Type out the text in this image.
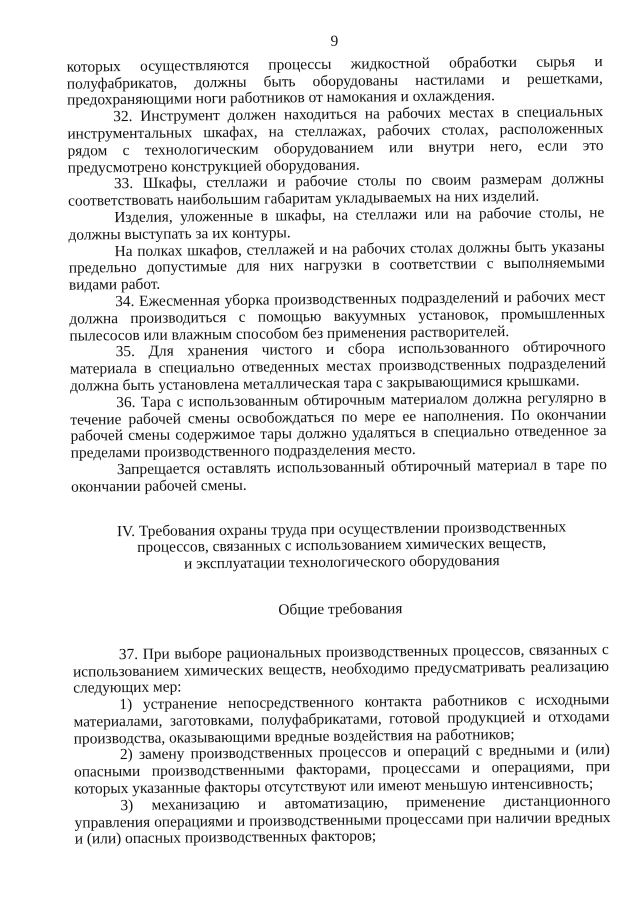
9

которых осуществляются процессы жидкостной обработки сырья и полуфабрикатов, должны быть оборудованы настилами и решетками, предохраняющими ноги работников от намокания и охлаждения.

32. Инструмент должен находиться на рабочих местах в специальных инструментальных шкафах, на стеллажах, рабочих столах, расположенных рядом с технологическим оборудованием или внутри него, если это предусмотрено конструкцией оборудования.

33. Шкафы, стеллажи и рабочие столы по своим размерам должны соответствовать наибольшим габаритам укладываемых на них изделий.

Изделия, уложенные в шкафы, на стеллажи или на рабочие столы, не должны выступать за их контуры.

На полках шкафов, стеллажей и на рабочих столах должны быть указаны предельно допустимые для них нагрузки в соответствии с выполняемыми видами работ.

34. Ежесменная уборка производственных подразделений и рабочих мест должна производиться с помощью вакуумных установок, промышленных пылесосов или влажным способом без применения растворителей.

35. Для хранения чистого и сбора использованного обтирочного материала в специально отведенных местах производственных подразделений должна быть установлена металлическая тара с закрывающимися крышками.

36. Тара с использованным обтирочным материалом должна регулярно в течение рабочей смены освобождаться по мере ее наполнения. По окончании рабочей смены содержимое тары должно удаляться в специально отведенное за пределами производственного подразделения место.

Запрещается оставлять использованный обтирочный материал в таре по окончании рабочей смены.

IV. Требования охраны труда при осуществлении производственных
процессов, связанных с использованием химических веществ,
и эксплуатации технологического оборудования
Общие требования

37. При выборе рациональных производственных процессов, связанных с использованием химических веществ, необходимо предусматривать реализацию следующих мер:

1) устранение непосредственного контакта работников с исходными материалами, заготовками, полуфабрикатами, готовой продукцией и отходами производства, оказывающими вредные воздействия на работников;

2) замену производственных процессов и операций с вредными и (или) опасными производственными факторами, процессами и операциями, при которых указанные факторы отсутствуют или имеют меньшую интенсивность;

3) механизацию и автоматизацию, применение дистанционного управления операциями и производственными процессами при наличии вредных и (или) опасных производственных факторов;
